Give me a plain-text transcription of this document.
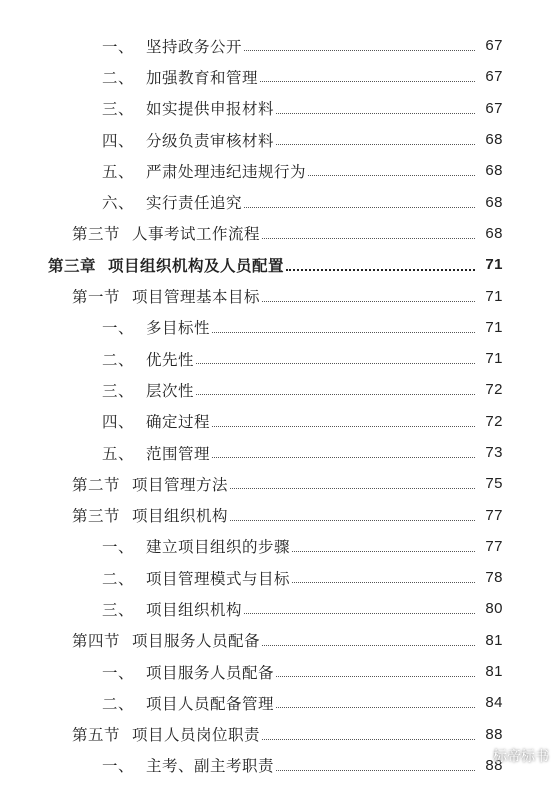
一、 坚持政务公开	67
二、 加强教育和管理	67
三、 如实提供申报材料	67
四、 分级负责审核材料	68
五、 严肃处理违纪违规行为	68
六、 实行责任追究	68
第三节 人事考试工作流程	68
第三章 项目组织机构及人员配置	71
第一节 项目管理基本目标	71
一、 多目标性	71
二、 优先性	71
三、 层次性	72
四、 确定过程	72
五、 范围管理	73
第二节 项目管理方法	75
第三节 项目组织机构	77
一、 建立项目组织的步骤	77
二、 项目管理模式与目标	78
三、 项目组织机构	80
第四节 项目服务人员配备	81
一、 项目服务人员配备	81
二、 项目人员配备管理	84
第五节 项目人员岗位职责	88
一、 主考、副主考职责	88
标帝标书
